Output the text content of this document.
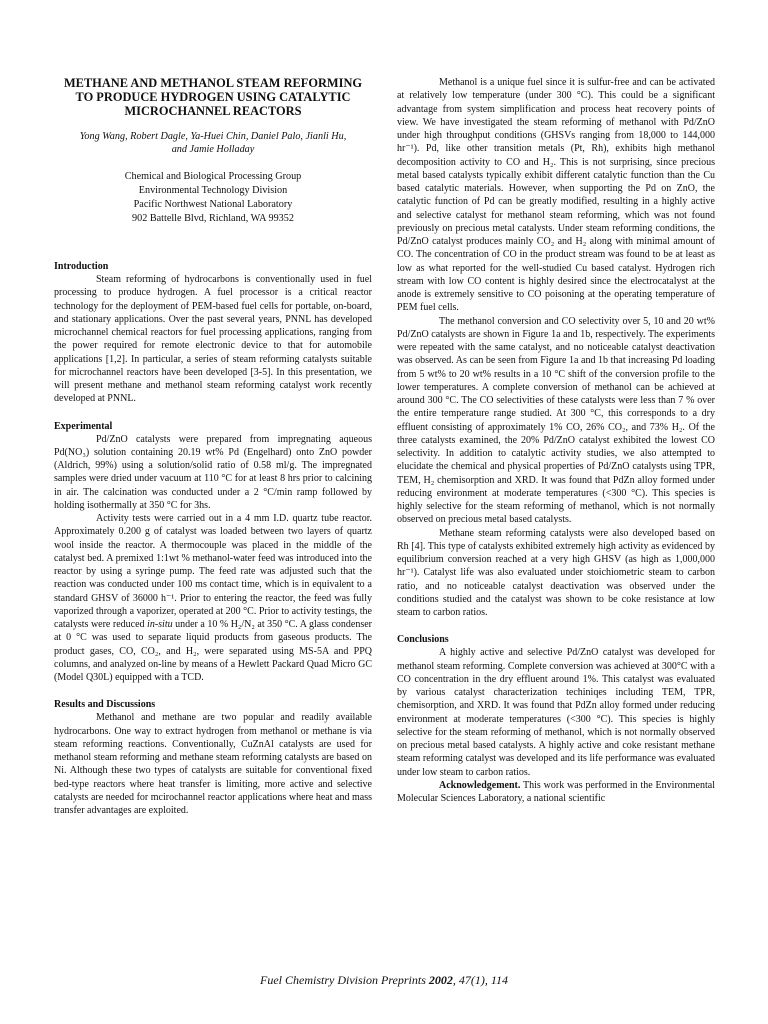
METHANE AND METHANOL STEAM REFORMING TO PRODUCE HYDROGEN USING CATALYTIC MICROCHANNEL REACTORS
Yong Wang, Robert Dagle, Ya-Huei Chin, Daniel Palo, Jianli Hu,
and Jamie Holladay
Chemical and Biological Processing Group
Environmental Technology Division
Pacific Northwest National Laboratory
902 Battelle Blvd, Richland, WA 99352
Introduction

Steam reforming of hydrocarbons is conventionally used in fuel processing to produce hydrogen. A fuel processor is a critical reactor technology for the deployment of PEM-based fuel cells for portable, on-board, and stationary applications. Over the past several years, PNNL has developed microchannel chemical reactors for fuel processing applications, ranging from the power required for remote electronic device to that for automobile applications [1,2]. In particular, a series of steam reforming catalysts suitable for microchannel reactors have been developed [3-5]. In this presentation, we will present methane and methanol steam reforming catalyst work recently developed at PNNL.

Experimental

Pd/ZnO catalysts were prepared from impregnating aqueous Pd(NO₃) solution containing 20.19 wt% Pd (Engelhard) onto ZnO powder (Aldrich, 99%) using a solution/solid ratio of 0.58 ml/g. The impregnated samples were dried under vacuum at 110 °C for at least 8 hrs prior to calcining in air. The calcination was conducted under a 2 °C/min ramp followed by holding isothermally at 350 °C for 3hs.

Activity tests were carried out in a 4 mm I.D. quartz tube reactor. Approximately 0.200 g of catalyst was loaded between two layers of quartz wool inside the reactor. A thermocouple was placed in the middle of the catalyst bed. A premixed 1:1wt % methanol-water feed was introduced into the reactor by using a syringe pump. The feed rate was adjusted such that the reaction was conducted under 100 ms contact time, which is in equivalent to a standard GHSV of 36000 h⁻¹. Prior to entering the reactor, the feed was fully vaporized through a vaporizer, operated at 200 °C. Prior to activity testings, the catalysts were reduced in-situ under a 10 % H₂/N₂ at 350 °C. A glass condenser at 0 °C was used to separate liquid products from gaseous products. The product gases, CO, CO₂, and H₂, were separated using MS-5A and PPQ columns, and analyzed on-line by means of a Hewlett Packard Quad Micro GC (Model Q30L) equipped with a TCD.

Results and Discussions

Methanol and methane are two popular and readily available hydrocarbons. One way to extract hydrogen from methanol or methane is via steam reforming reactions. Conventionally, CuZnAl catalysts are used for methanol steam reforming and methane steam reforming catalysts are based on Ni. Although these two types of catalysts are suitable for conventional fixed bed-type reactors where heat transfer is limiting, more active and selective catalysts are needed for mcirochannel reactor applications where heat and mass transfer advantages are exploited.

Methanol is a unique fuel since it is sulfur-free and can be activated at relatively low temperature (under 300 °C). This could be a significant advantage from system simplification and process heat recovery points of view. We have investigated the steam reforming of methanol with Pd/ZnO under high throughput conditions (GHSVs ranging from 18,000 to 144,000 hr⁻¹). Pd, like other transition metals (Pt, Rh), exhibits high methanol decomposition activity to CO and H₂. This is not surprising, since precious metal based catalysts typically exhibit different catalytic function than the Cu based catalytic materials. However, when supporting the Pd on ZnO, the catalytic function of Pd can be greatly modified, resulting in a highly active and selective catalyst for methanol steam reforming, which was not found previously on precious metal catalysts. Under steam reforming conditions, the Pd/ZnO catalyst produces mainly CO₂ and H₂ along with minimal amount of CO. The concentration of CO in the product stream was found to be at least as low as what reported for the well-studied Cu based catalyst. Hydrogen rich stream with low CO content is highly desired since the electrocatalyst at the anode is extremely sensitive to CO poisoning at the operating temperature of PEM fuel cells.

The methanol conversion and CO selectivity over 5, 10 and 20 wt% Pd/ZnO catalysts are shown in Figure 1a and 1b, respectively. The experiments were repeated with the same catalyst, and no noticeable catalyst deactivation was observed. As can be seen from Figure 1a and 1b that increasing Pd loading from 5 wt% to 20 wt% results in a 10 °C shift of the conversion profile to the lower temperatures. A complete conversion of methanol can be achieved at around 300 °C. The CO selectivities of these catalysts were less than 7 % over the entire temperature range studied. At 300 °C, this corresponds to a dry effluent consisting of approximately 1% CO, 26% CO₂, and 73% H₂. Of the three catalysts examined, the 20% Pd/ZnO catalyst exhibited the lowest CO selectivity. In addition to catalytic activity studies, we also attempted to elucidate the chemical and physical properties of Pd/ZnO catalysts using TPR, TEM, H₂ chemisorption and XRD. It was found that PdZn alloy formed under reducing environment at moderate temperatures (<300 °C). This species is highly selective for the steam reforming of methanol, which is not normally observed on precious metal based catalysts.

Methane steam reforming catalysts were also developed based on Rh [4]. This type of catalysts exhibited extremely high activity as evidenced by equilibrium conversion reached at a very high GHSV (as high as 1,000,000 hr⁻¹). Catalyst life was also evaluated under stoichiometric steam to carbon ratio, and no noticeable catalyst deactivation was observed under the conditions studied and the catalyst was shown to be coke resistance at low steam to carbon ratios.

Conclusions

A highly active and selective Pd/ZnO catalyst was developed for methanol steam reforming. Complete conversion was achieved at 300°C with a CO concentration in the dry effluent around 1%. This catalyst was evaluated by various catalyst characterization techiniqes including TEM, TPR, chemisorption, and XRD. It was found that PdZn alloy formed under reducing environment at moderate temperatures (<300 °C). This species is highly selective for the steam reforming of methanol, which is not normally observed on precious metal based catalysts. A highly active and coke resistant methane steam reforming catalyst was developed and its life performance was evaluated under low steam to carbon ratios.

Acknowledgement. This work was performed in the Environmental Molecular Sciences Laboratory, a national scientific

Fuel Chemistry Division Preprints 2002, 47(1), 114
